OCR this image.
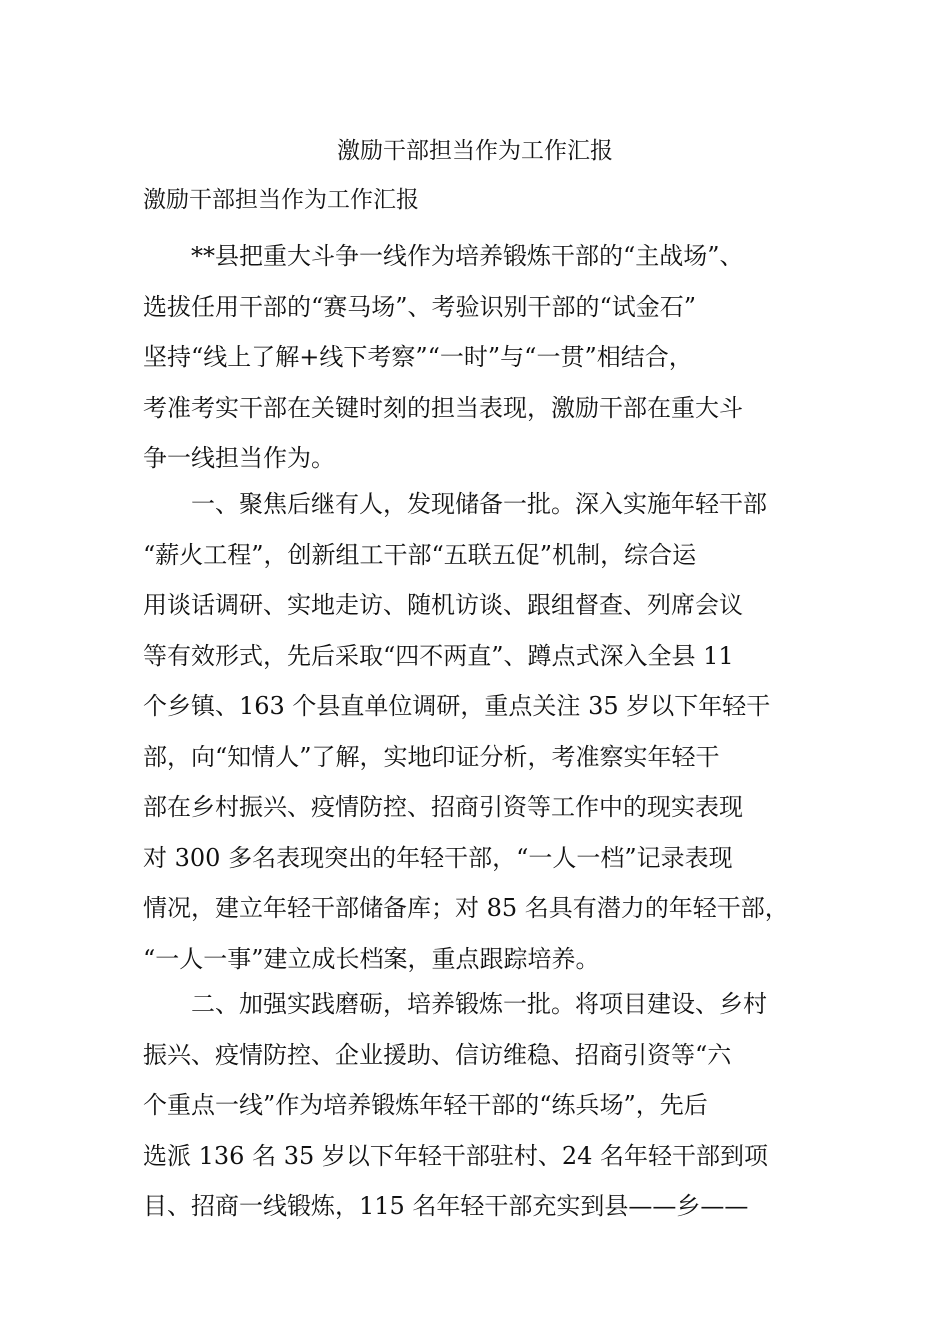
激励干部担当作为工作汇报
激励干部担当作为工作汇报
**县把重大斗争一线作为培养锻炼干部的“主战场”、
选拔任用干部的“赛马场”、考验识别干部的“试金石”
坚持“线上了解+线下考察”“一时”与“一贯”相结合，
考准考实干部在关键时刻的担当表现，激励干部在重大斗
争一线担当作为。
一、聚焦后继有人，发现储备一批。深入实施年轻干部
“薪火工程”，创新组工干部“五联五促”机制，综合运
用谈话调研、实地走访、随机访谈、跟组督查、列席会议
等有效形式，先后采取“四不两直”、蹲点式深入全县 11
个乡镇、163 个县直单位调研，重点关注 35 岁以下年轻干
部，向“知情人”了解，实地印证分析，考准察实年轻干
部在乡村振兴、疫情防控、招商引资等工作中的现实表现
对 300 多名表现突出的年轻干部，“一人一档”记录表现
情况，建立年轻干部储备库；对 85 名具有潜力的年轻干部，
“一人一事”建立成长档案，重点跟踪培养。
二、加强实践磨砺，培养锻炼一批。将项目建设、乡村
振兴、疫情防控、企业援助、信访维稳、招商引资等“六
个重点一线”作为培养锻炼年轻干部的“练兵场”，先后
选派 136 名 35 岁以下年轻干部驻村、24 名年轻干部到项
目、招商一线锻炼，115 名年轻干部充实到县——乡——
